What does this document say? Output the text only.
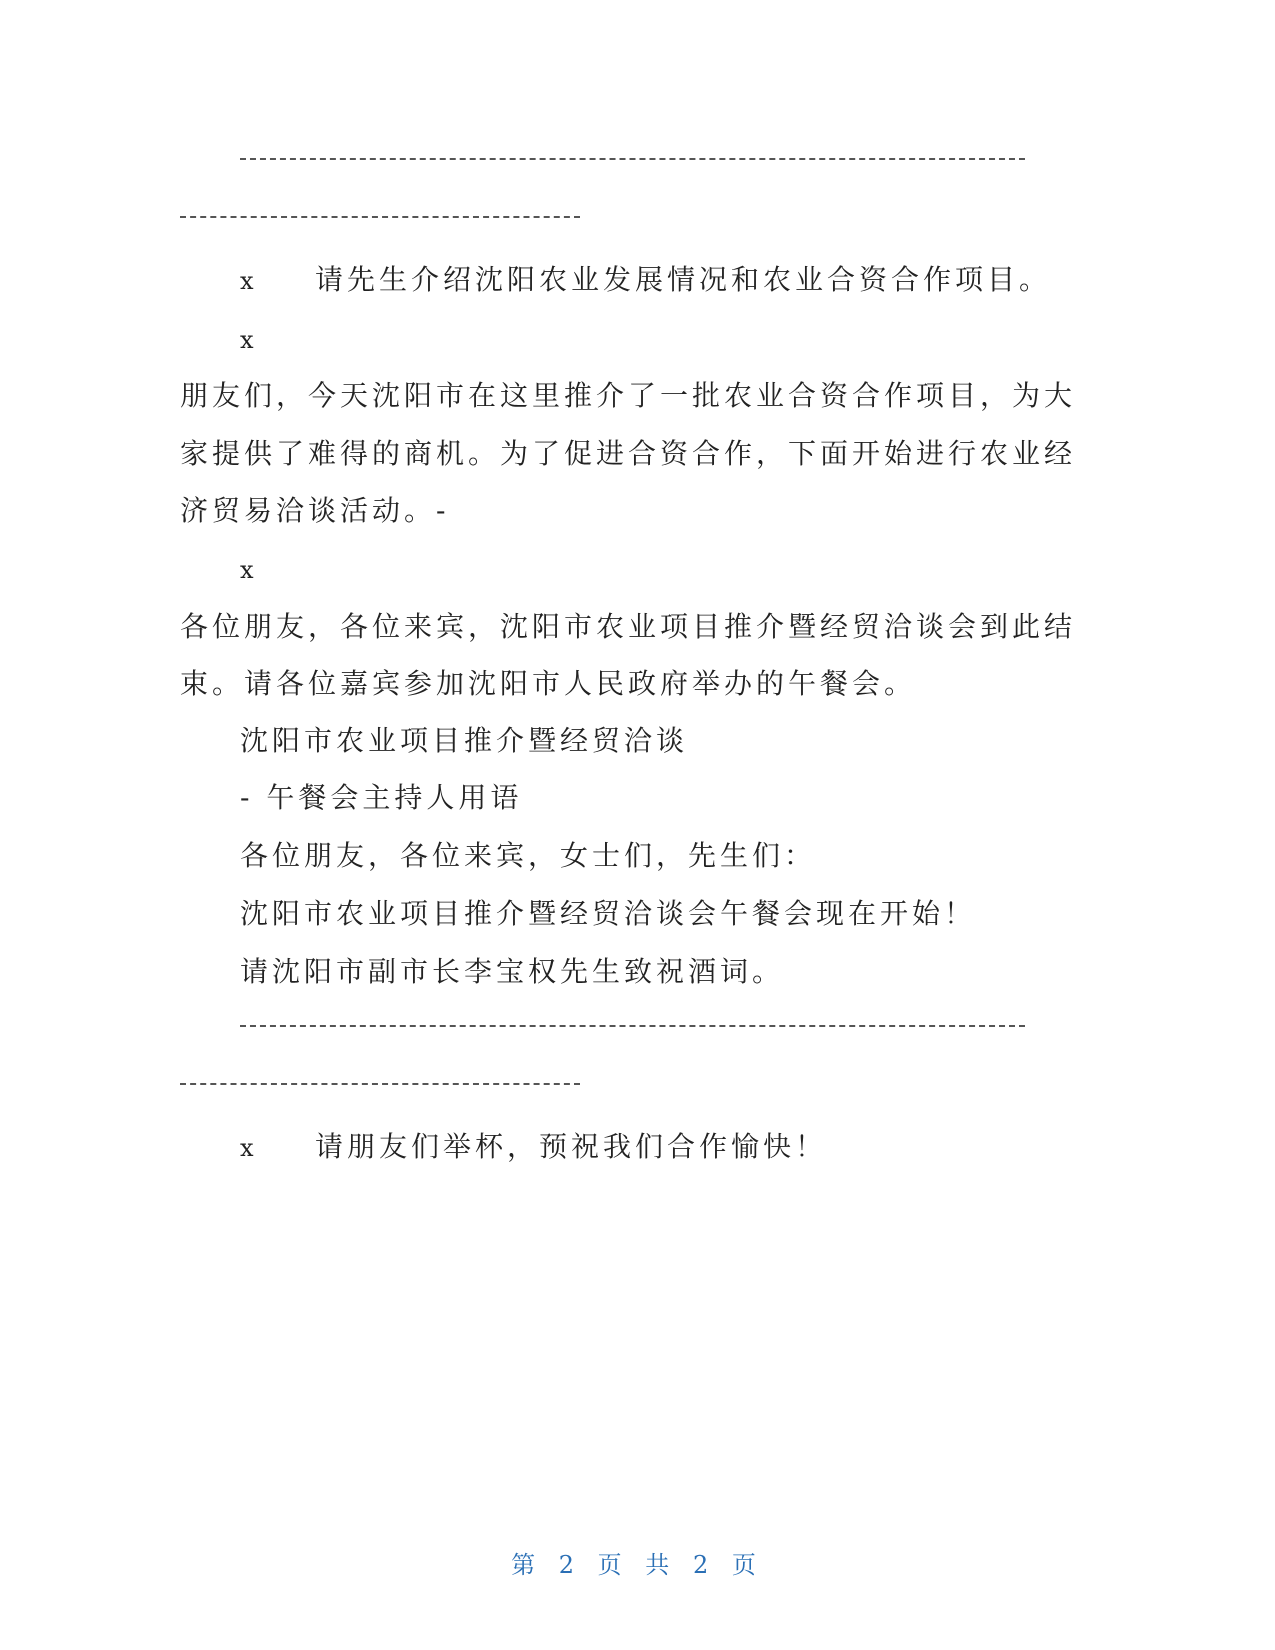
x 请先生介绍沈阳农业发展情况和农业合资合作项目。
x
朋友们，今天沈阳市在这里推介了一批农业合资合作项目，为大
家提供了难得的商机。为了促进合资合作，下面开始进行农业经
济贸易洽谈活动。-
x
各位朋友，各位来宾，沈阳市农业项目推介暨经贸洽谈会到此结
束。请各位嘉宾参加沈阳市人民政府举办的午餐会。
沈阳市农业项目推介暨经贸洽谈
- 午餐会主持人用语
各位朋友，各位来宾，女士们，先生们：
沈阳市农业项目推介暨经贸洽谈会午餐会现在开始！
请沈阳市副市长李宝权先生致祝酒词。
x 请朋友们举杯，预祝我们合作愉快！
第 2 页 共 2 页
